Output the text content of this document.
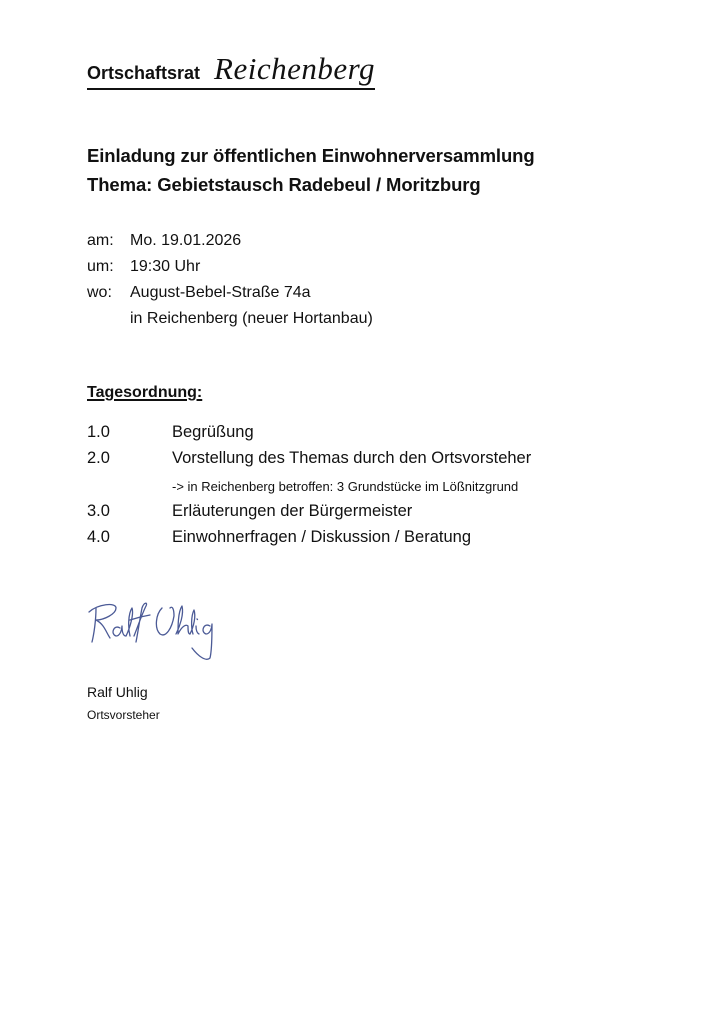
Ortschaftsrat Reichenberg
Einladung zur öffentlichen Einwohnerversammlung
Thema: Gebietstausch Radebeul / Moritzburg
am:	Mo. 19.01.2026
um:	19:30 Uhr
wo:	August-Bebel-Straße 74a
in Reichenberg (neuer Hortanbau)
Tagesordnung:
1.0	Begrüßung
2.0	Vorstellung des Themas durch den Ortsvorsteher
-> in Reichenberg betroffen: 3 Grundstücke im Lößnitzgrund
3.0	Erläuterungen der Bürgermeister
4.0	Einwohnerfragen / Diskussion / Beratung
Ralf Uhlig
Ortsvorsteher
